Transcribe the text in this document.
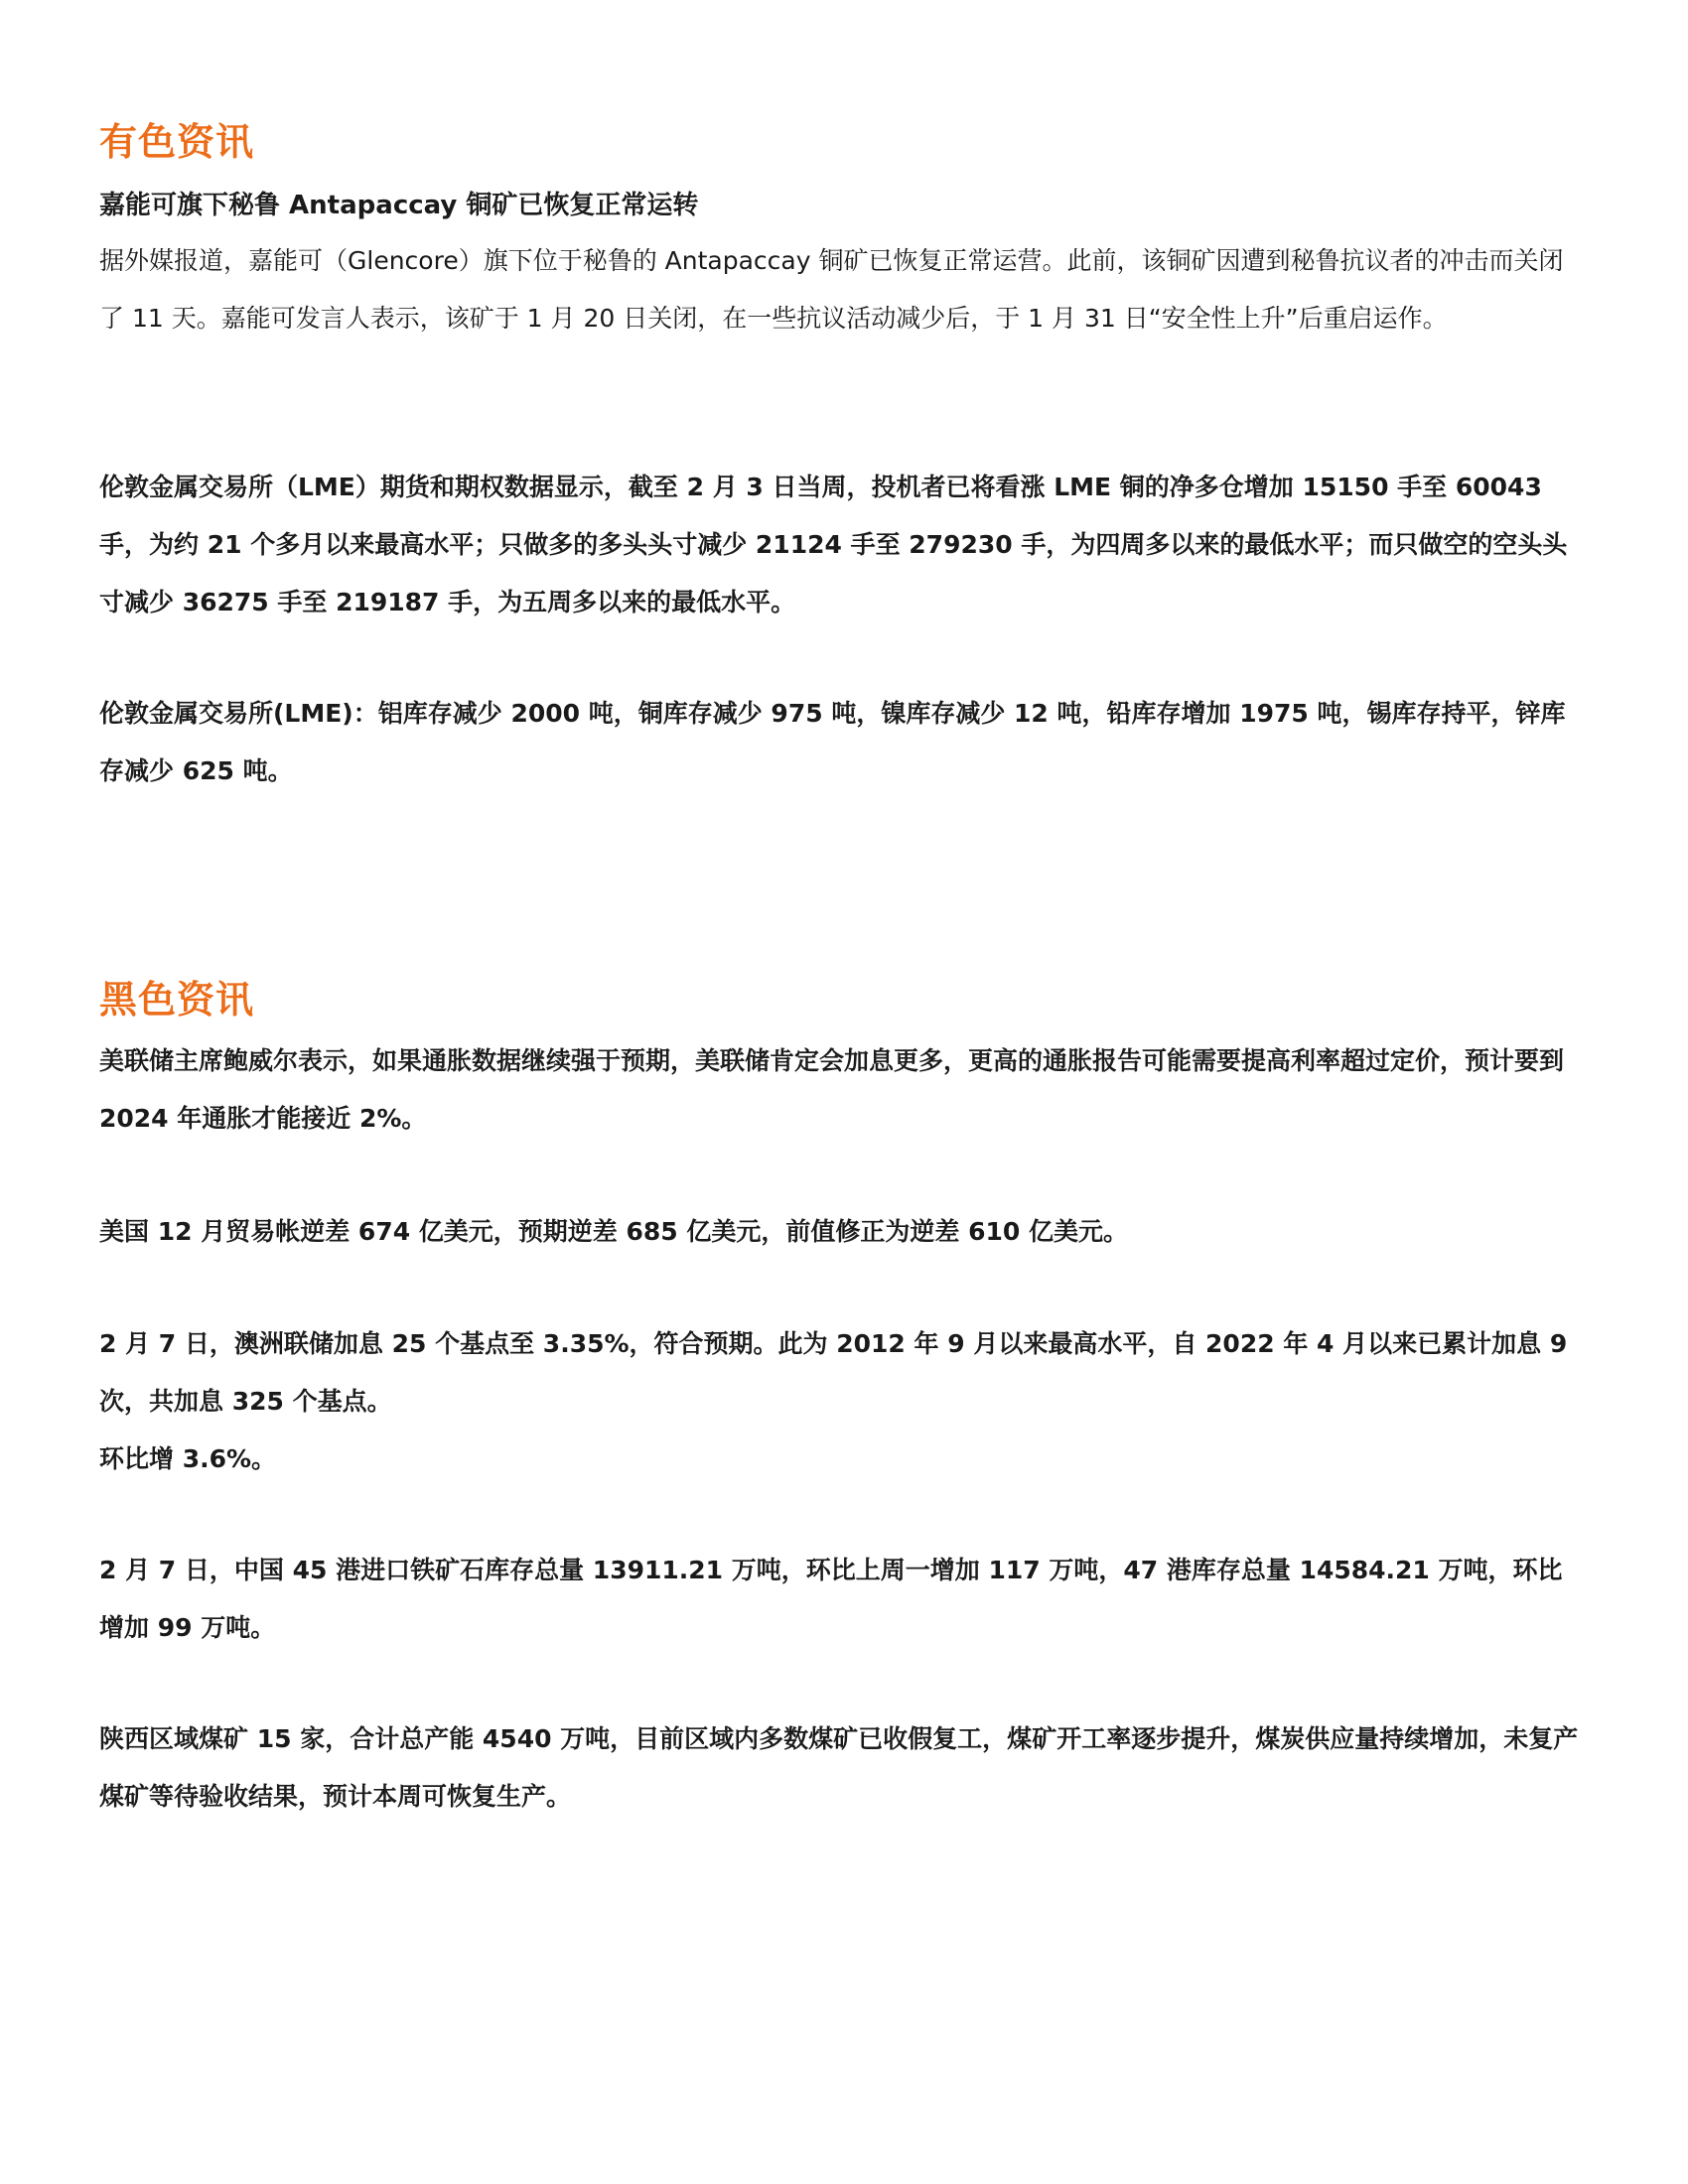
有色资讯
嘉能可旗下秘鲁 Antapaccay 铜矿已恢复正常运转

据外媒报道，嘉能可（Glencore）旗下位于秘鲁的 Antapaccay 铜矿已恢复正常运营。此前，该铜矿因遭到秘鲁抗议者的冲击而关闭了 11 天。嘉能可发言人表示，该矿于 1 月 20 日关闭，在一些抗议活动减少后，于 1 月 31 日“安全性上升”后重启运作。

伦敦金属交易所（LME）期货和期权数据显示，截至 2 月 3 日当周，投机者已将看涨 LME 铜的净多仓增加 15150 手至 60043 手，为约 21 个多月以来最高水平；只做多的多头头寸减少 21124 手至 279230 手，为四周多以来的最低水平；而只做空的空头头寸减少 36275 手至 219187 手，为五周多以来的最低水平。

伦敦金属交易所(LME)：铝库存减少 2000 吨，铜库存减少 975 吨，镍库存减少 12 吨，铅库存增加 1975 吨，锡库存持平，锌库存减少 625 吨。

黑色资讯

美联储主席鲍威尔表示，如果通胀数据继续强于预期，美联储肯定会加息更多，更高的通胀报告可能需要提高利率超过定价，预计要到 2024 年通胀才能接近 2%。

美国 12 月贸易帐逆差 674 亿美元，预期逆差 685 亿美元，前值修正为逆差 610 亿美元。

2 月 7 日，澳洲联储加息 25 个基点至 3.35%，符合预期。此为 2012 年 9 月以来最高水平，自 2022 年 4 月以来已累计加息 9 次，共加息 325 个基点。

环比增 3.6%。

2 月 7 日，中国 45 港进口铁矿石库存总量 13911.21 万吨，环比上周一增加 117 万吨，47 港库存总量 14584.21 万吨，环比增加 99 万吨。

陕西区域煤矿 15 家，合计总产能 4540 万吨，目前区域内多数煤矿已收假复工，煤矿开工率逐步提升，煤炭供应量持续增加，未复产煤矿等待验收结果，预计本周可恢复生产。
